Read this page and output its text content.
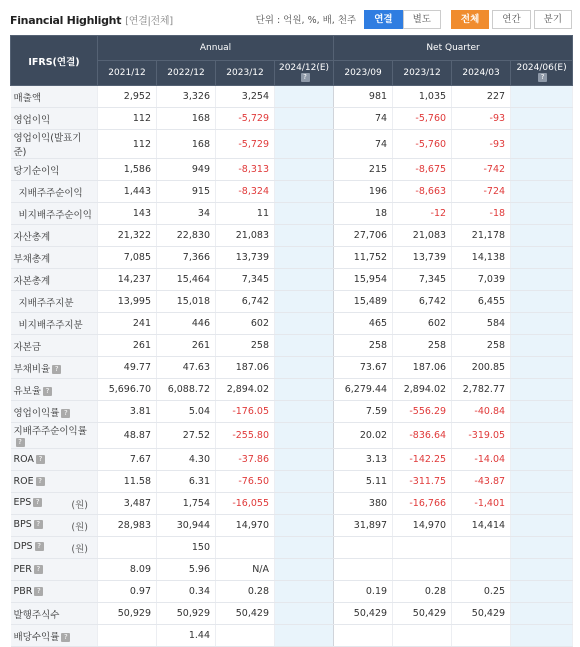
Financial Highlight [연결|전체]	단위 : 억원, %, 배, 천주	연결	별도	전체	연간	분기
IFRS(연결)	Annual				Net Quarter			
	2021/12	2022/12	2023/12	2024/12(E)?	2023/09	2023/12	2024/03	2024/06(E)?
매출액	2,952	3,326	3,254		981	1,035	227	
영업이익	112	168	-5,729		74	-5,760	-93	
영업이익(발표기준)	112	168	-5,729		74	-5,760	-93	
당기순이익	1,586	949	-8,313		215	-8,675	-742	
지배주주순이익	1,443	915	-8,324		196	-8,663	-724	
비지배주주순이익	143	34	11		18	-12	-18	
자산총계	21,322	22,830	21,083		27,706	21,083	21,178	
부채총계	7,085	7,366	13,739		11,752	13,739	14,138	
자본총계	14,237	15,464	7,345		15,954	7,345	7,039	
지배주주지분	13,995	15,018	6,742		15,489	6,742	6,455	
비지배주주지분	241	446	602		465	602	584	
자본금	261	261	258		258	258	258	
부채비율 ?	49.77	47.63	187.06		73.67	187.06	200.85	
유보율 ?	5,696.70	6,088.72	2,894.02		6,279.44	2,894.02	2,782.77	
영업이익률 ?	3.81	5.04	-176.05		7.59	-556.29	-40.84	
지배주주순이익률?	48.87	27.52	-255.80		20.02	-836.64	-319.05	
ROA ?	7.67	4.30	-37.86		3.13	-142.25	-14.04	
ROE ?	11.58	6.31	-76.50		5.11	-311.75	-43.87	
EPS ? (원)	3,487	1,754	-16,055		380	-16,766	-1,401	
BPS ? (원)	28,983	30,944	14,970		31,897	14,970	14,414	
DPS ? (원)		150						
PER ?	8.09	5.96	N/A					
PBR ?	0.97	0.34	0.28		0.19	0.28	0.25	
발행주식수	50,929	50,929	50,429		50,429	50,429	50,429	
배당수익률 ?		1.44						
